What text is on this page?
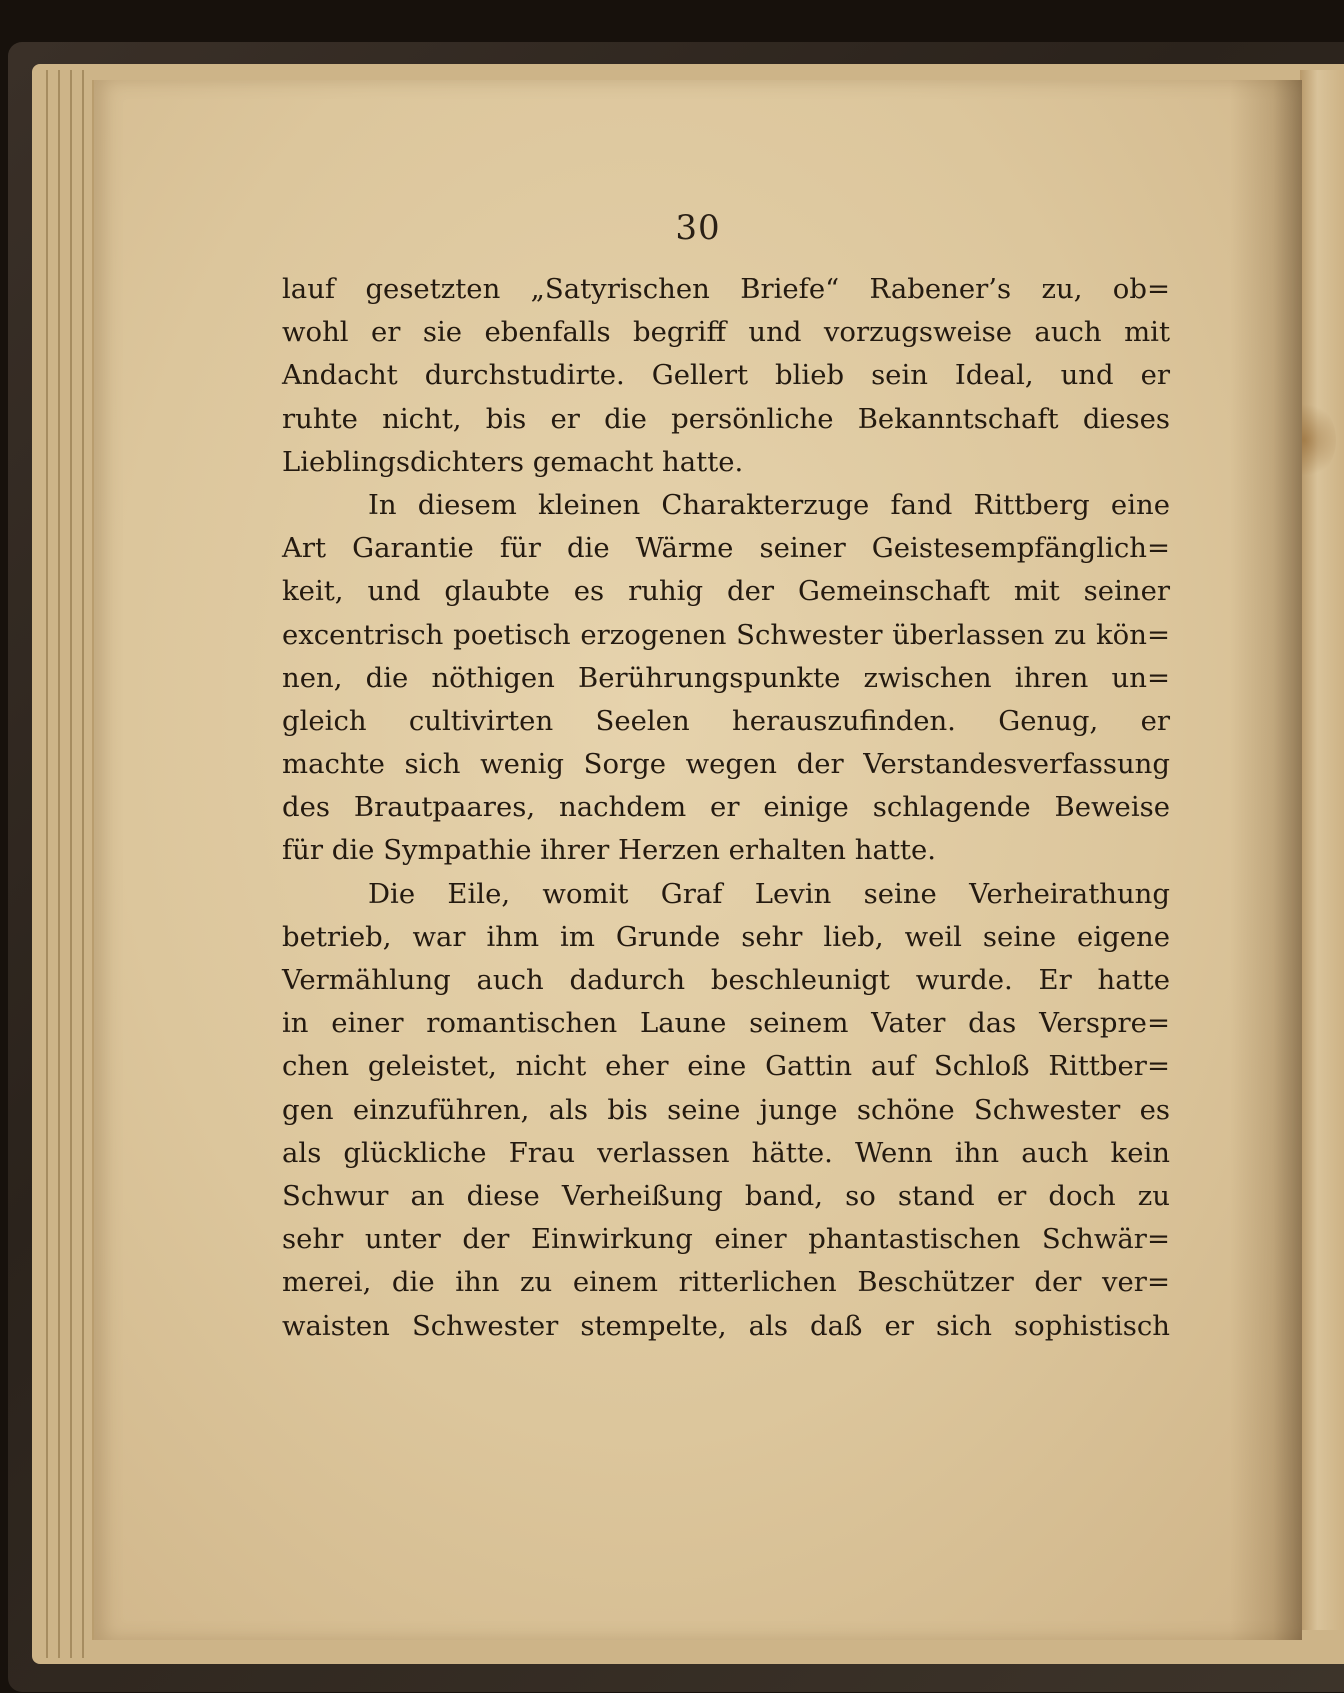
30
lauf gesetzten „Satyrischen Briefe“ Rabener’s zu, ob=
wohl er sie ebenfalls begriff und vorzugsweise auch mit
Andacht durchstudirte. Gellert blieb sein Ideal, und er
ruhte nicht, bis er die persönliche Bekanntschaft dieses
Lieblingsdichters gemacht hatte.
In diesem kleinen Charakterzuge fand Rittberg eine
Art Garantie für die Wärme seiner Geistesempfänglich=
keit, und glaubte es ruhig der Gemeinschaft mit seiner
excentrisch poetisch erzogenen Schwester überlassen zu kön=
nen, die nöthigen Berührungspunkte zwischen ihren un=
gleich cultivirten Seelen herauszufinden. Genug, er
machte sich wenig Sorge wegen der Verstandesverfassung
des Brautpaares, nachdem er einige schlagende Beweise
für die Sympathie ihrer Herzen erhalten hatte.
Die Eile, womit Graf Levin seine Verheirathung
betrieb, war ihm im Grunde sehr lieb, weil seine eigene
Vermählung auch dadurch beschleunigt wurde. Er hatte
in einer romantischen Laune seinem Vater das Verspre=
chen geleistet, nicht eher eine Gattin auf Schloß Rittber=
gen einzuführen, als bis seine junge schöne Schwester es
als glückliche Frau verlassen hätte. Wenn ihn auch kein
Schwur an diese Verheißung band, so stand er doch zu
sehr unter der Einwirkung einer phantastischen Schwär=
merei, die ihn zu einem ritterlichen Beschützer der ver=
waisten Schwester stempelte, als daß er sich sophistisch
